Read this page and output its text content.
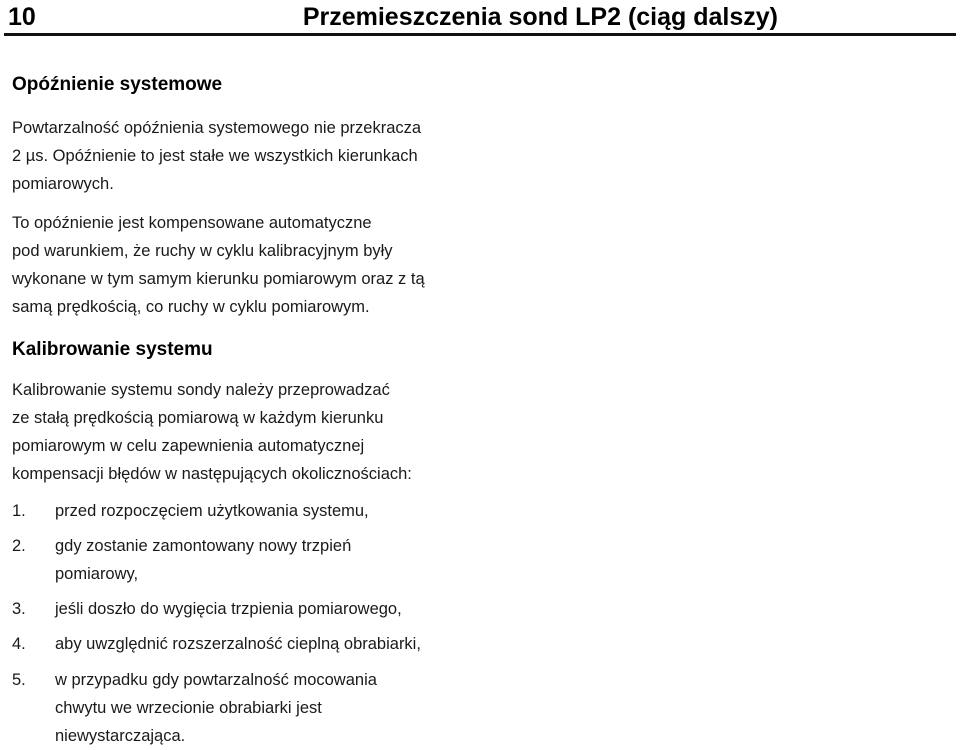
10	Przemieszczenia sond LP2 (ciąg dalszy)
Opóźnienie systemowe
Powtarzalność opóźnienia systemowego nie przekracza
2 µs. Opóźnienie to jest stałe we wszystkich kierunkach
pomiarowych.
To opóźnienie jest kompensowane automatyczne
pod warunkiem, że ruchy w cyklu kalibracyjnym były
wykonane w tym samym kierunku pomiarowym oraz z tą
samą prędkością, co ruchy w cyklu pomiarowym.
Kalibrowanie systemu
Kalibrowanie systemu sondy należy przeprowadzać
ze stałą prędkością pomiarową w każdym kierunku
pomiarowym w celu zapewnienia automatycznej
kompensacji błędów w następujących okolicznościach:
1. przed rozpoczęciem użytkowania systemu,
2. gdy zostanie zamontowany nowy trzpień
pomiarowy,
3. jeśli doszło do wygięcia trzpienia pomiarowego,
4. aby uwzględnić rozszerzalność cieplną obrabiarki,
5. w przypadku gdy powtarzalność mocowania
chwytu we wrzecionie obrabiarki jest
niewystarczająca.
